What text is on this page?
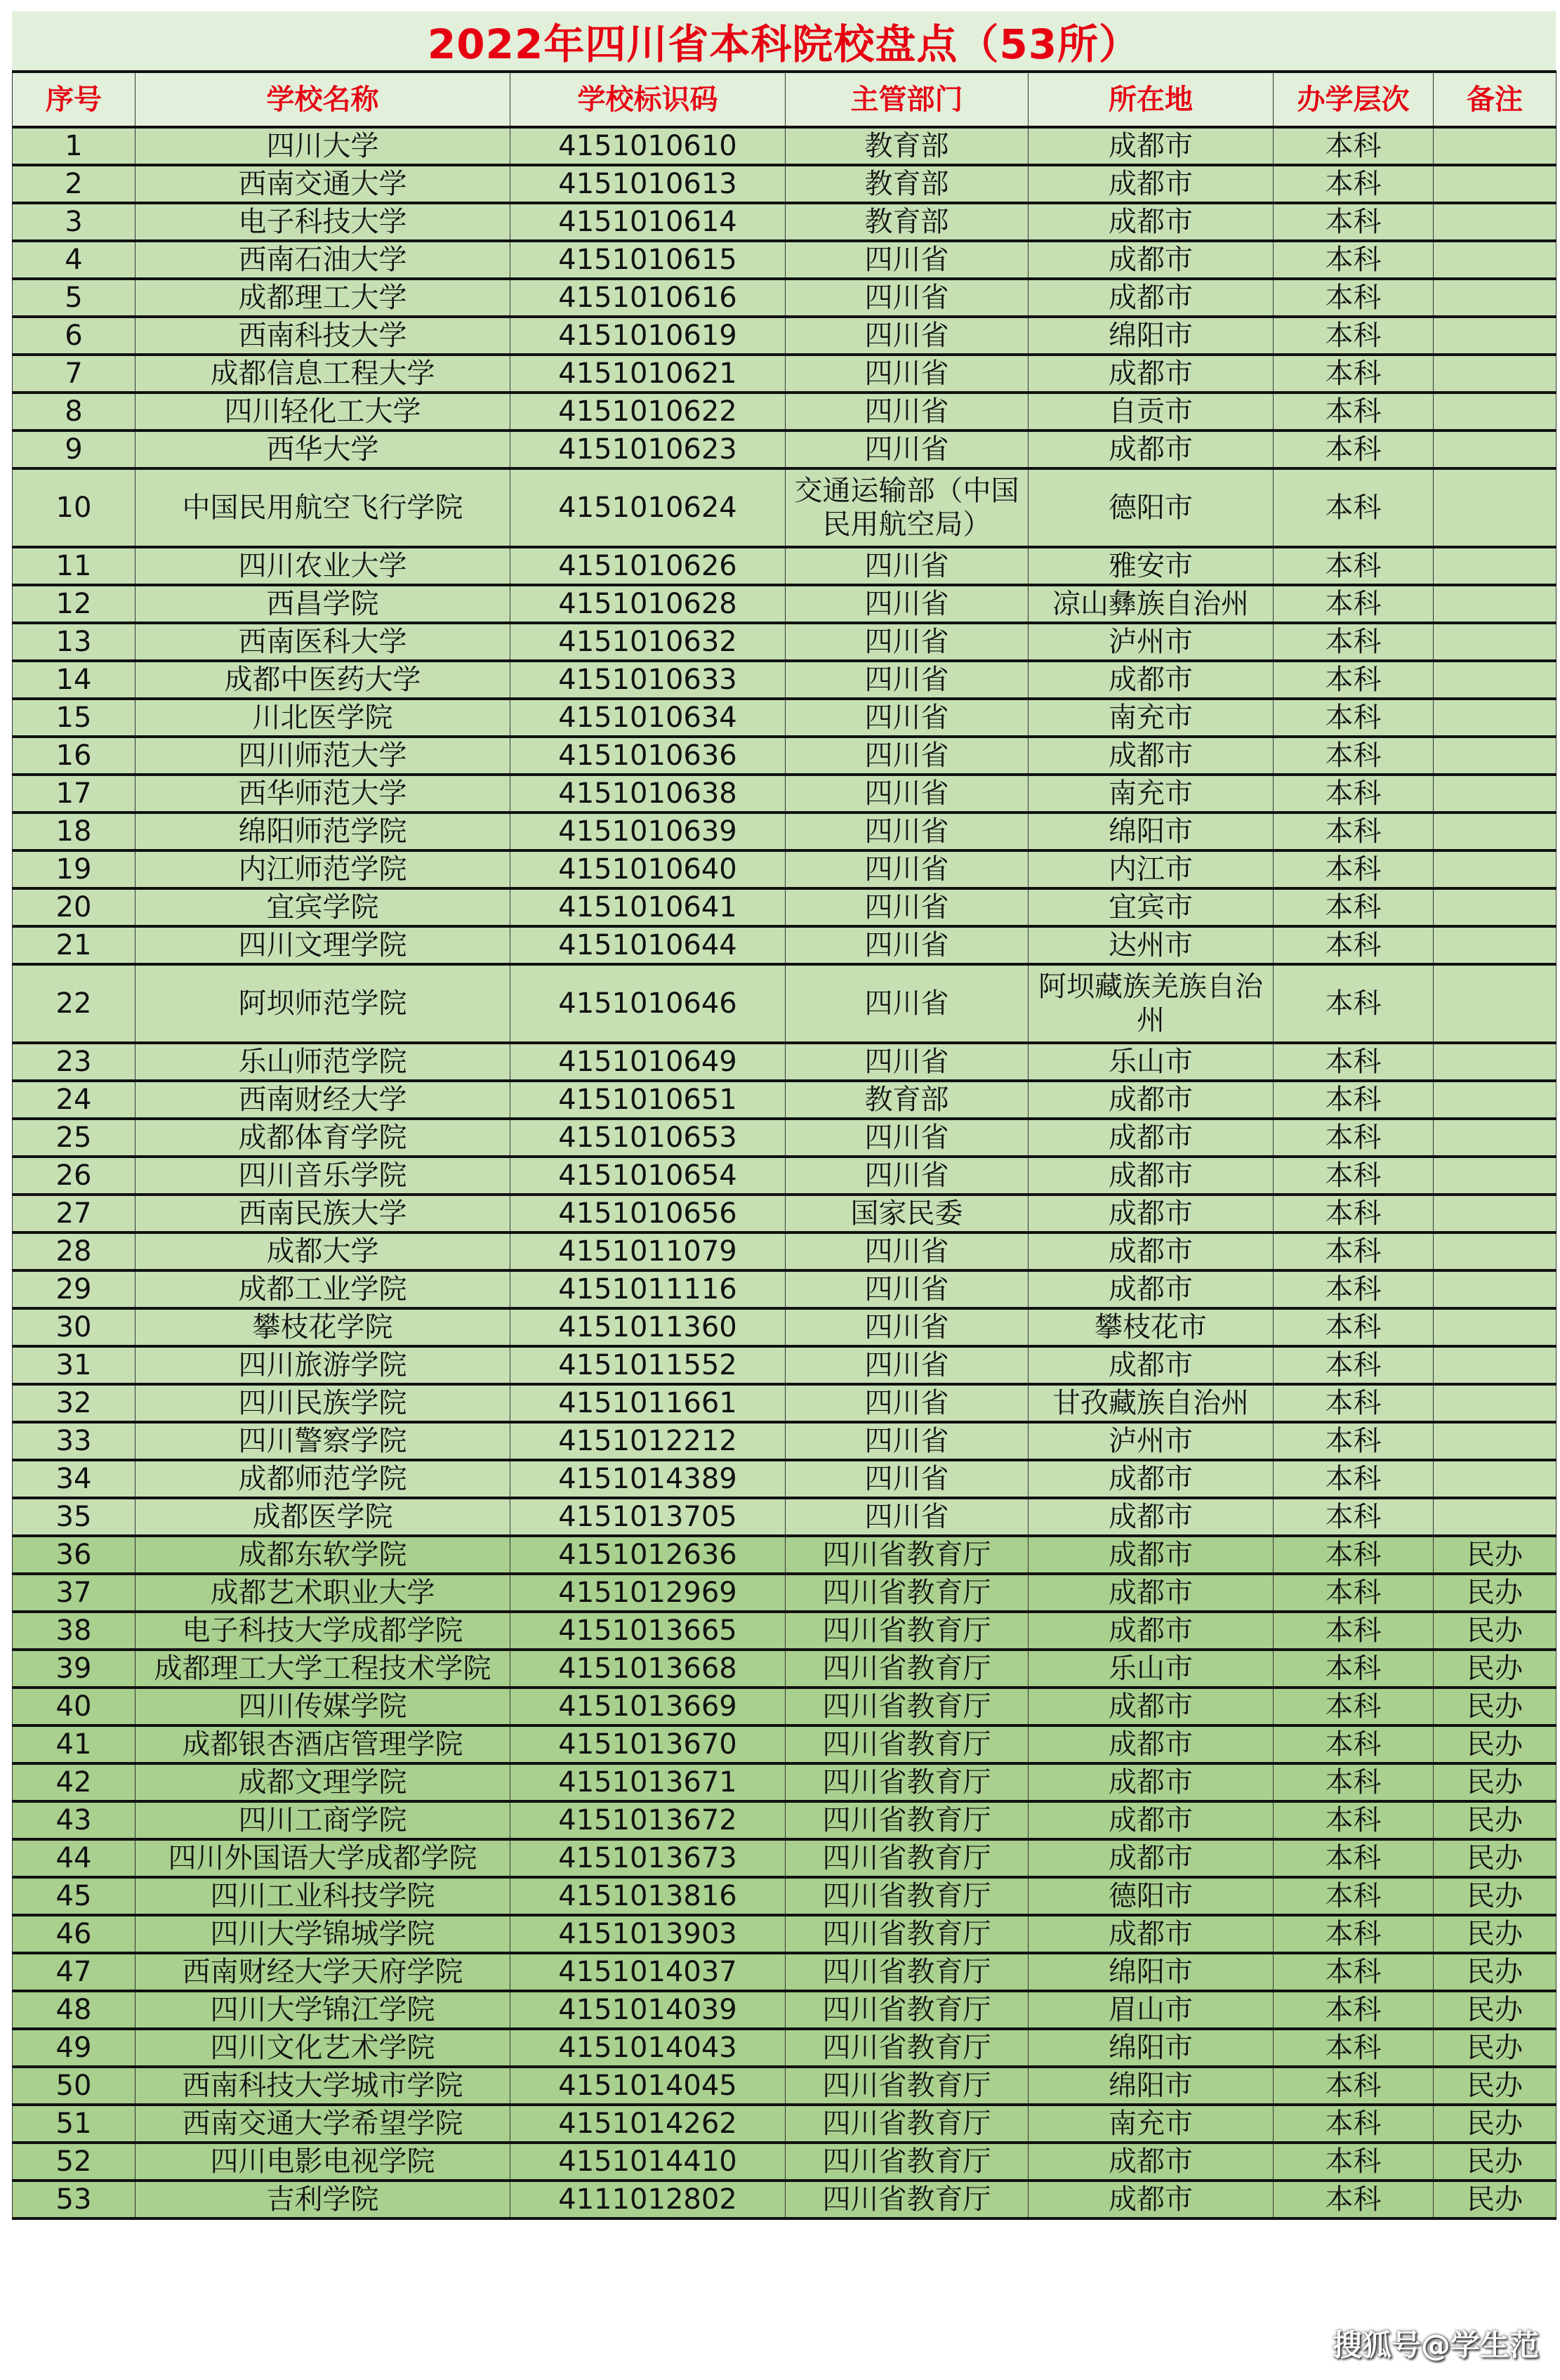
2022年四川省本科院校盘点（53所）
序号	学校名称	学校标识码	主管部门	所在地	办学层次	备注
1	四川大学	4151010610	教育部	成都市	本科	
2	西南交通大学	4151010613	教育部	成都市	本科	
3	电子科技大学	4151010614	教育部	成都市	本科	
4	西南石油大学	4151010615	四川省	成都市	本科	
5	成都理工大学	4151010616	四川省	成都市	本科	
6	西南科技大学	4151010619	四川省	绵阳市	本科	
7	成都信息工程大学	4151010621	四川省	成都市	本科	
8	四川轻化工大学	4151010622	四川省	自贡市	本科	
9	西华大学	4151010623	四川省	成都市	本科	
10	中国民用航空飞行学院	4151010624	交通运输部（中国民用航空局）	德阳市	本科	
11	四川农业大学	4151010626	四川省	雅安市	本科	
12	西昌学院	4151010628	四川省	凉山彝族自治州	本科	
13	西南医科大学	4151010632	四川省	泸州市	本科	
14	成都中医药大学	4151010633	四川省	成都市	本科	
15	川北医学院	4151010634	四川省	南充市	本科	
16	四川师范大学	4151010636	四川省	成都市	本科	
17	西华师范大学	4151010638	四川省	南充市	本科	
18	绵阳师范学院	4151010639	四川省	绵阳市	本科	
19	内江师范学院	4151010640	四川省	内江市	本科	
20	宜宾学院	4151010641	四川省	宜宾市	本科	
21	四川文理学院	4151010644	四川省	达州市	本科	
22	阿坝师范学院	4151010646	四川省	阿坝藏族羌族自治州	本科	
23	乐山师范学院	4151010649	四川省	乐山市	本科	
24	西南财经大学	4151010651	教育部	成都市	本科	
25	成都体育学院	4151010653	四川省	成都市	本科	
26	四川音乐学院	4151010654	四川省	成都市	本科	
27	西南民族大学	4151010656	国家民委	成都市	本科	
28	成都大学	4151011079	四川省	成都市	本科	
29	成都工业学院	4151011116	四川省	成都市	本科	
30	攀枝花学院	4151011360	四川省	攀枝花市	本科	
31	四川旅游学院	4151011552	四川省	成都市	本科	
32	四川民族学院	4151011661	四川省	甘孜藏族自治州	本科	
33	四川警察学院	4151012212	四川省	泸州市	本科	
34	成都师范学院	4151014389	四川省	成都市	本科	
35	成都医学院	4151013705	四川省	成都市	本科	
36	成都东软学院	4151012636	四川省教育厅	成都市	本科	民办
37	成都艺术职业大学	4151012969	四川省教育厅	成都市	本科	民办
38	电子科技大学成都学院	4151013665	四川省教育厅	成都市	本科	民办
39	成都理工大学工程技术学院	4151013668	四川省教育厅	乐山市	本科	民办
40	四川传媒学院	4151013669	四川省教育厅	成都市	本科	民办
41	成都银杏酒店管理学院	4151013670	四川省教育厅	成都市	本科	民办
42	成都文理学院	4151013671	四川省教育厅	成都市	本科	民办
43	四川工商学院	4151013672	四川省教育厅	成都市	本科	民办
44	四川外国语大学成都学院	4151013673	四川省教育厅	成都市	本科	民办
45	四川工业科技学院	4151013816	四川省教育厅	德阳市	本科	民办
46	四川大学锦城学院	4151013903	四川省教育厅	成都市	本科	民办
47	西南财经大学天府学院	4151014037	四川省教育厅	绵阳市	本科	民办
48	四川大学锦江学院	4151014039	四川省教育厅	眉山市	本科	民办
49	四川文化艺术学院	4151014043	四川省教育厅	绵阳市	本科	民办
50	西南科技大学城市学院	4151014045	四川省教育厅	绵阳市	本科	民办
51	西南交通大学希望学院	4151014262	四川省教育厅	南充市	本科	民办
52	四川电影电视学院	4151014410	四川省教育厅	成都市	本科	民办
53	吉利学院	4111012802	四川省教育厅	成都市	本科	民办
搜狐号@学生范
